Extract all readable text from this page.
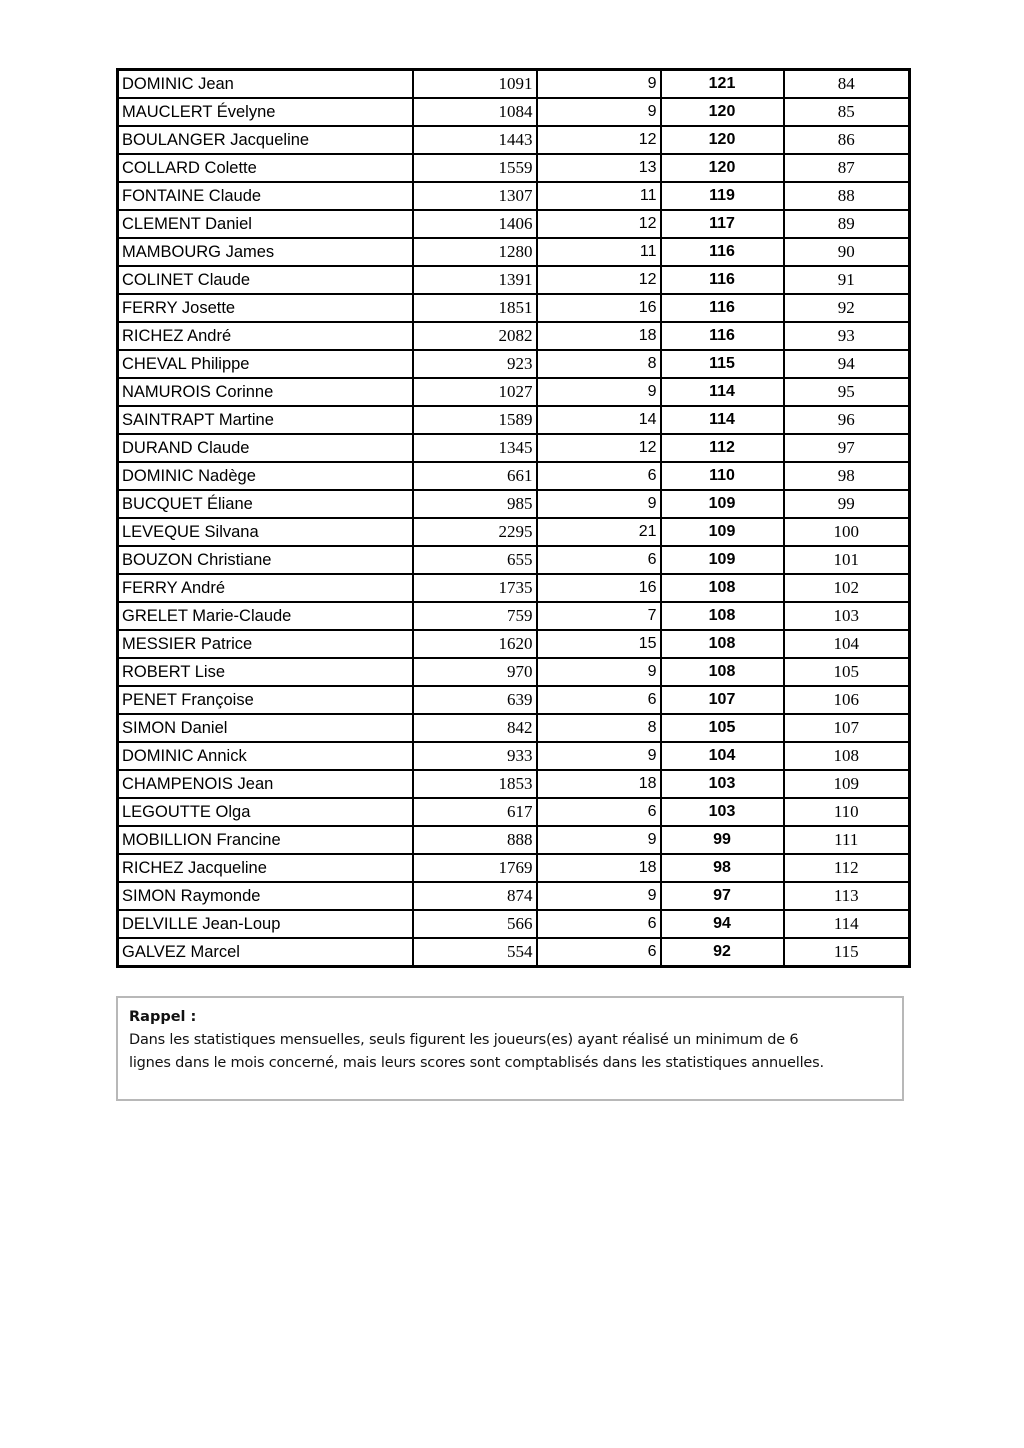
DOMINIC Jean	1091	9	121	84
MAUCLERT Évelyne	1084	9	120	85
BOULANGER Jacqueline	1443	12	120	86
COLLARD Colette	1559	13	120	87
FONTAINE Claude	1307	11	119	88
CLEMENT Daniel	1406	12	117	89
MAMBOURG James	1280	11	116	90
COLINET Claude	1391	12	116	91
FERRY Josette	1851	16	116	92
RICHEZ André	2082	18	116	93
CHEVAL Philippe	923	8	115	94
NAMUROIS Corinne	1027	9	114	95
SAINTRAPT Martine	1589	14	114	96
DURAND Claude	1345	12	112	97
DOMINIC Nadège	661	6	110	98
BUCQUET Éliane	985	9	109	99
LEVEQUE Silvana	2295	21	109	100
BOUZON Christiane	655	6	109	101
FERRY André	1735	16	108	102
GRELET Marie-Claude	759	7	108	103
MESSIER Patrice	1620	15	108	104
ROBERT Lise	970	9	108	105
PENET Françoise	639	6	107	106
SIMON Daniel	842	8	105	107
DOMINIC Annick	933	9	104	108
CHAMPENOIS Jean	1853	18	103	109
LEGOUTTE Olga	617	6	103	110
MOBILLION Francine	888	9	99	111
RICHEZ Jacqueline	1769	18	98	112
SIMON Raymonde	874	9	97	113
DELVILLE Jean-Loup	566	6	94	114
GALVEZ Marcel	554	6	92	115
Rappel :
Dans les statistiques mensuelles, seuls figurent les joueurs(es) ayant réalisé un minimum de 6
lignes dans le mois concerné, mais leurs scores sont comptablisés dans les statistiques annuelles.
